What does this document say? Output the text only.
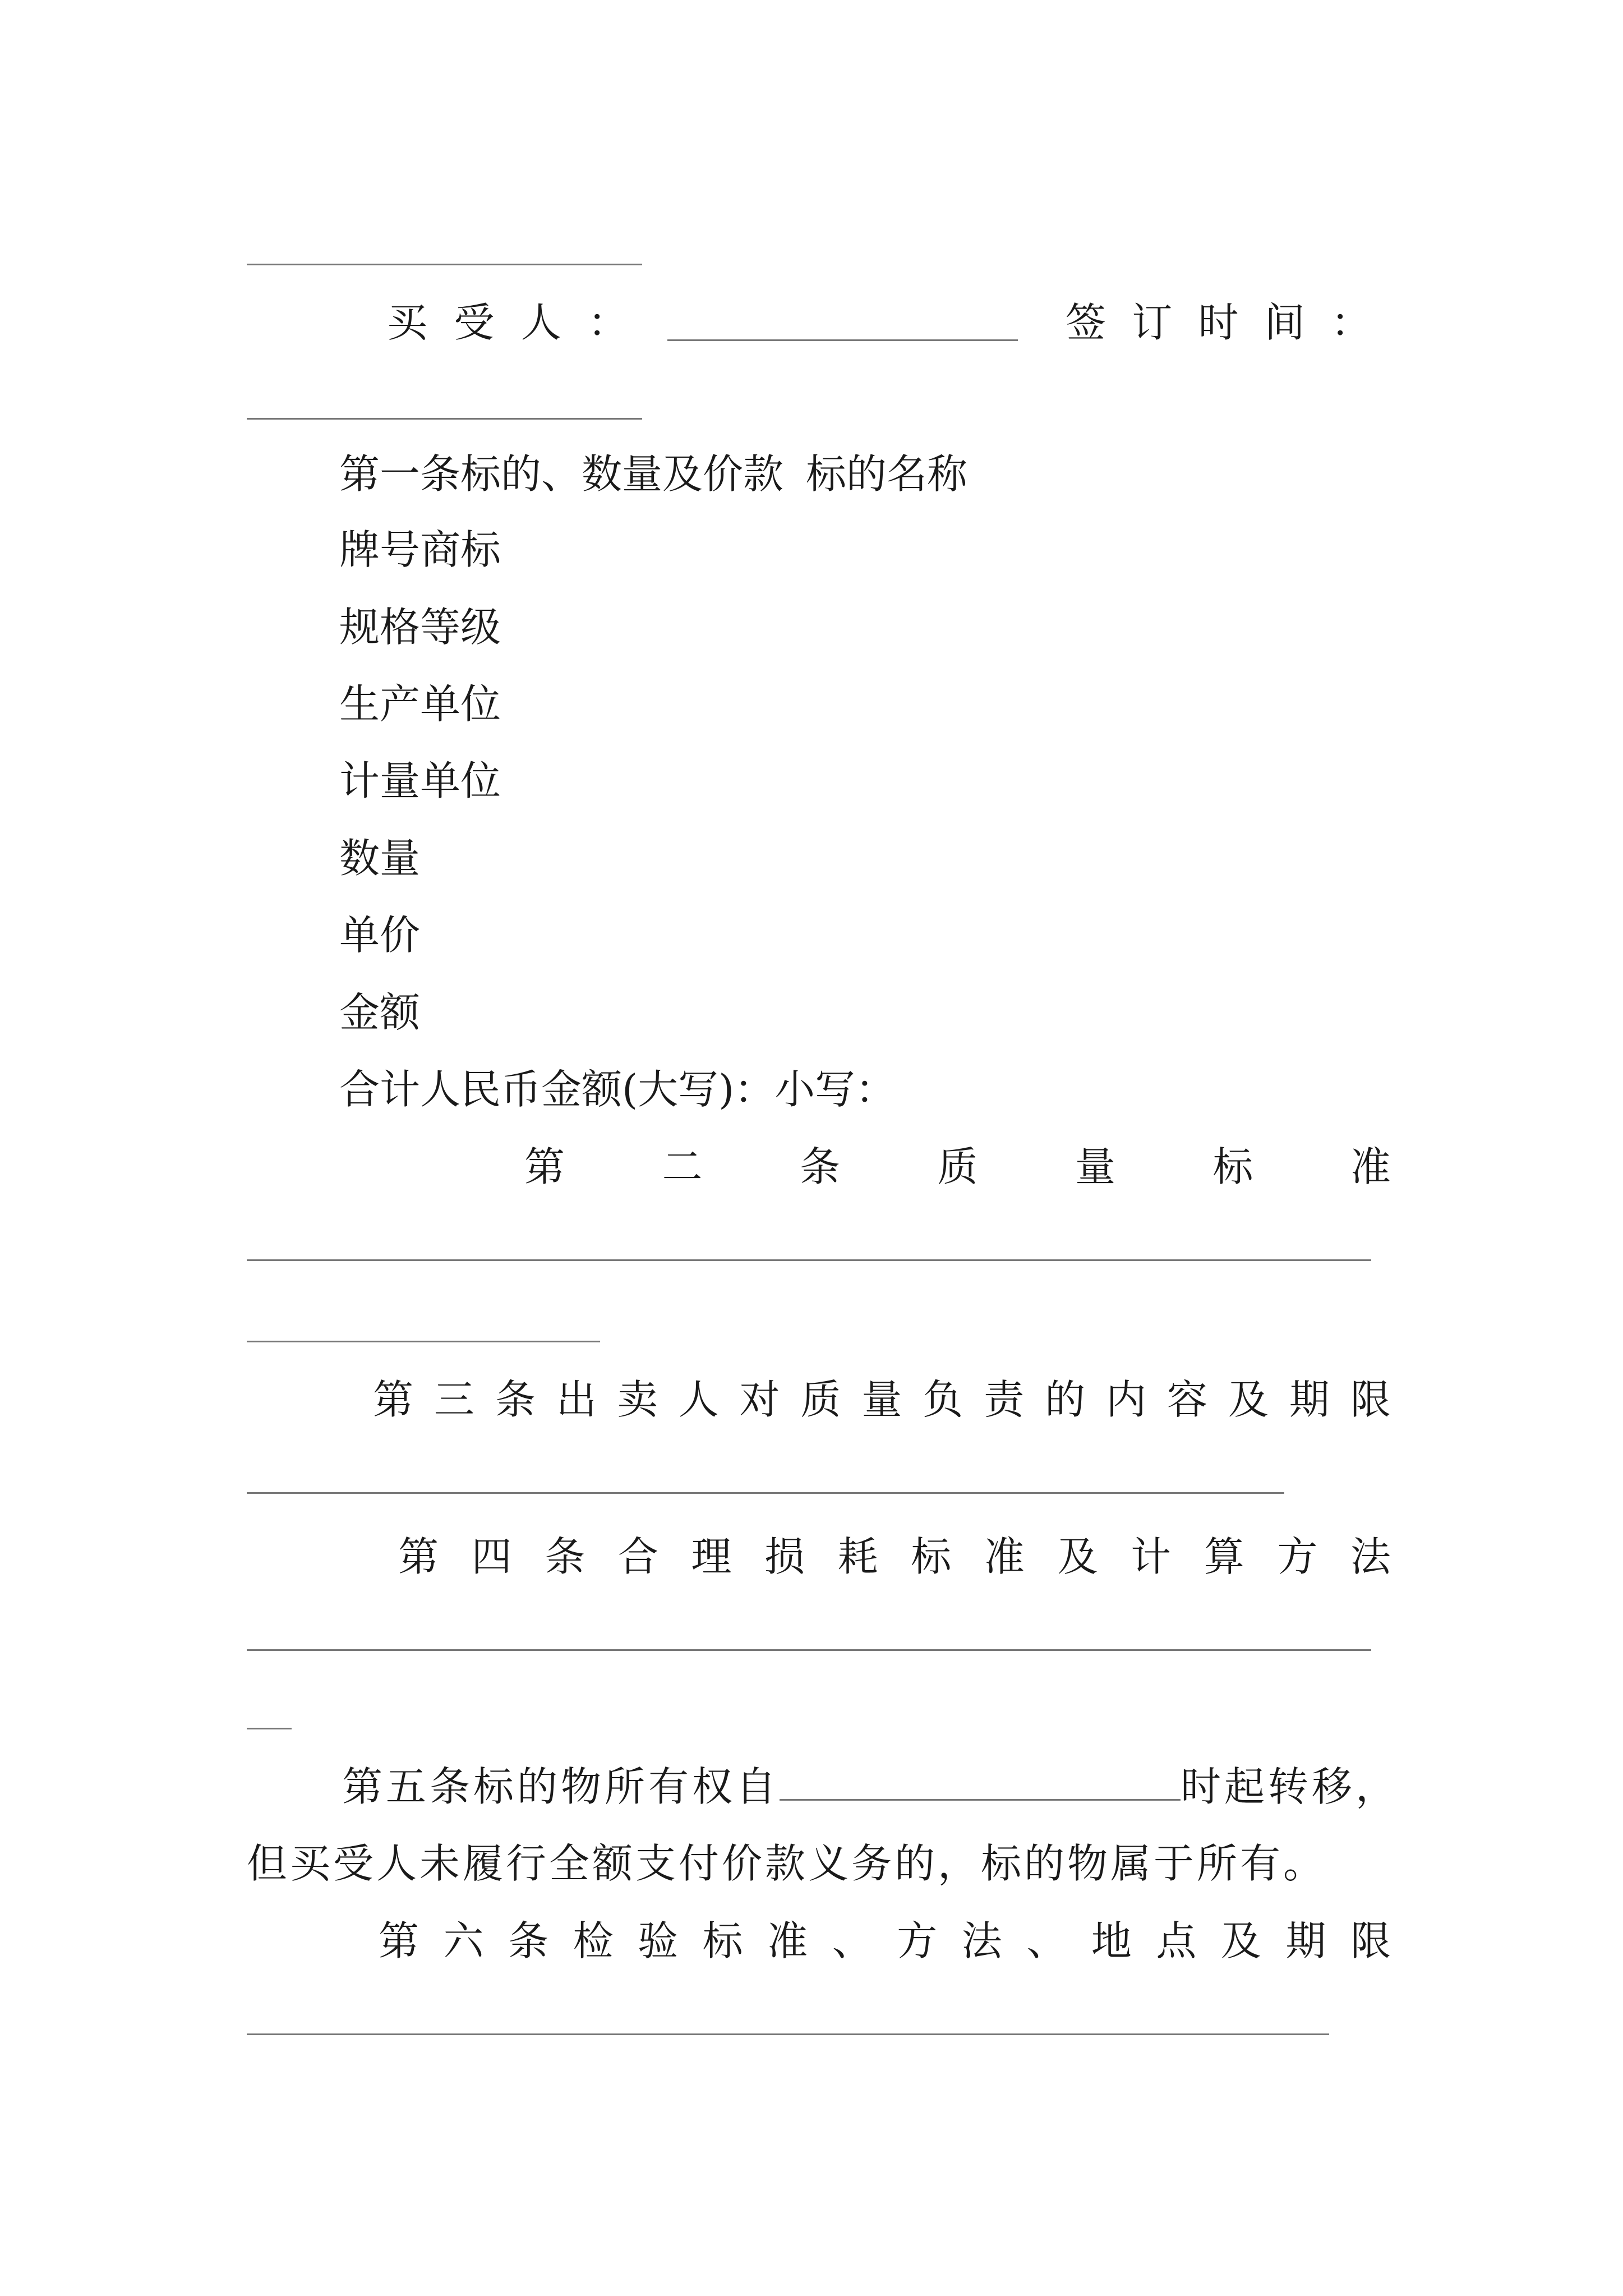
买 受 人 ：	签 订 时 间 ：
第一条标的、数量及价款 标的名称
牌号商标
规格等级
生产单位
计量单位
数量
单价
金额
合计人民币金额(大写)：小写：
第 二 条 质 量 标 准
第 三 条 出 卖 人 对 质 量 负 责 的 内 容 及 期 限
第 四 条 合 理 损 耗 标 准 及 计 算 方 法
第五条标的物所有权自	时起转移，
但买受人未履行全额支付价款义务的，标的物属于所有。
第 六 条 检 验 标 准 、 方 法 、 地 点 及 期 限
